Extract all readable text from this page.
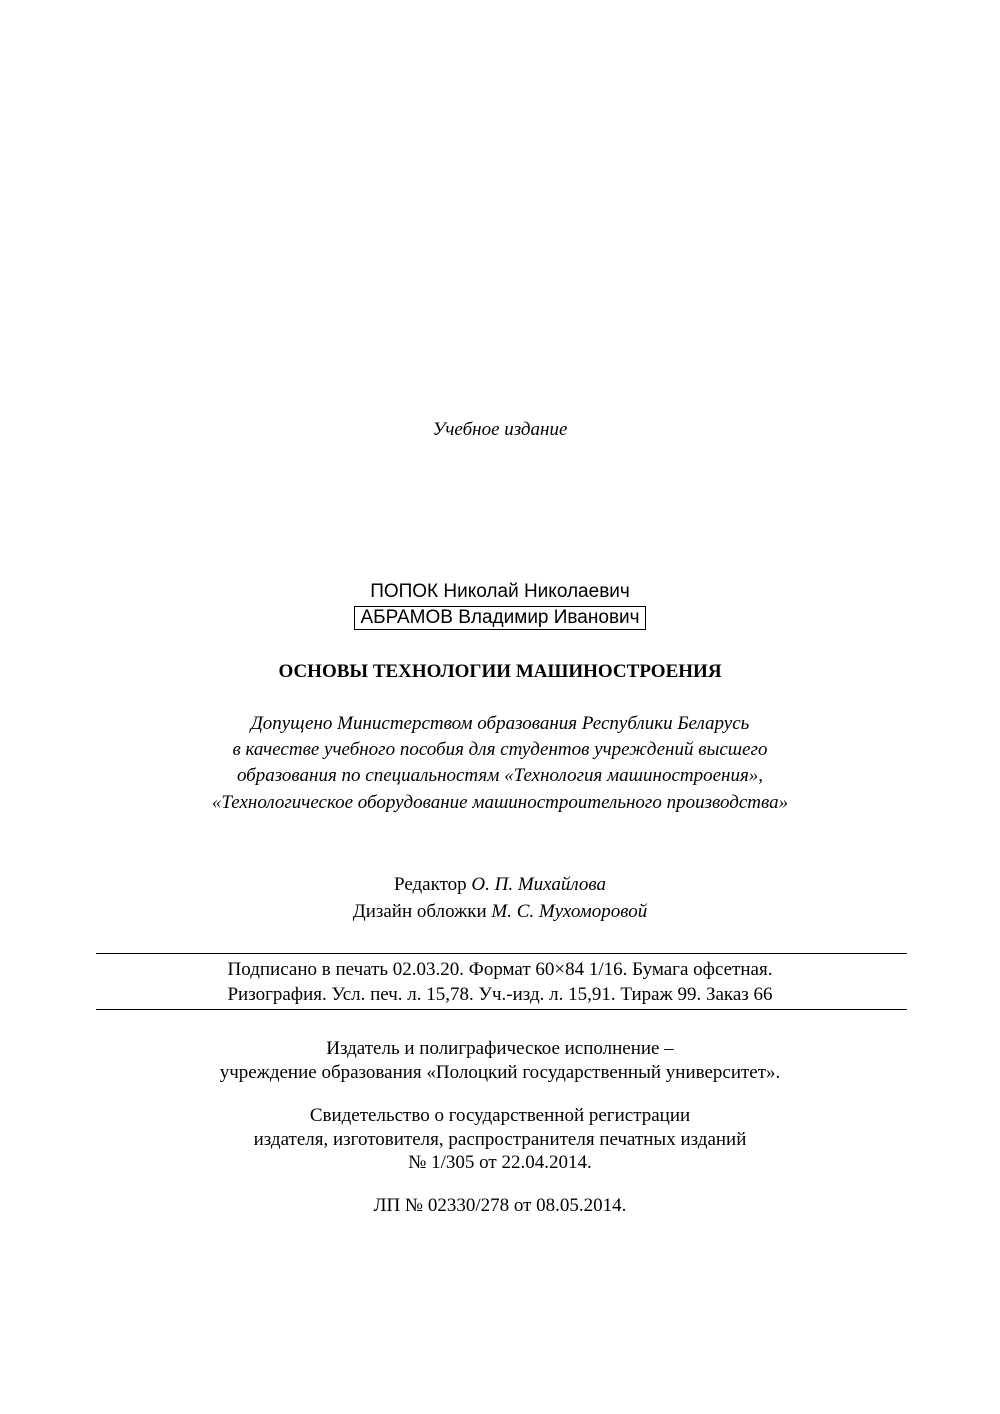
Учебное издание
ПОПОК Николай Николаевич
АБРАМОВ Владимир Иванович
ОСНОВЫ ТЕХНОЛОГИИ МАШИНОСТРОЕНИЯ
Допущено Министерством образования Республики Беларусь
в качестве учебного пособия для студентов учреждений высшего
образования по специальностям «Технология машиностроения»,
«Технологическое оборудование машиностроительного производства»
Редактор О. П. Михайлова
Дизайн обложки М. С. Мухоморовой
Подписано в печать 02.03.20. Формат 60×84 1/16. Бумага офсетная.
Ризография. Усл. печ. л. 15,78. Уч.-изд. л. 15,91. Тираж 99. Заказ 66
Издатель и полиграфическое исполнение –
учреждение образования «Полоцкий государственный университет».
Свидетельство о государственной регистрации
издателя, изготовителя, распространителя печатных изданий
№ 1/305 от 22.04.2014.
ЛП № 02330/278 от 08.05.2014.
